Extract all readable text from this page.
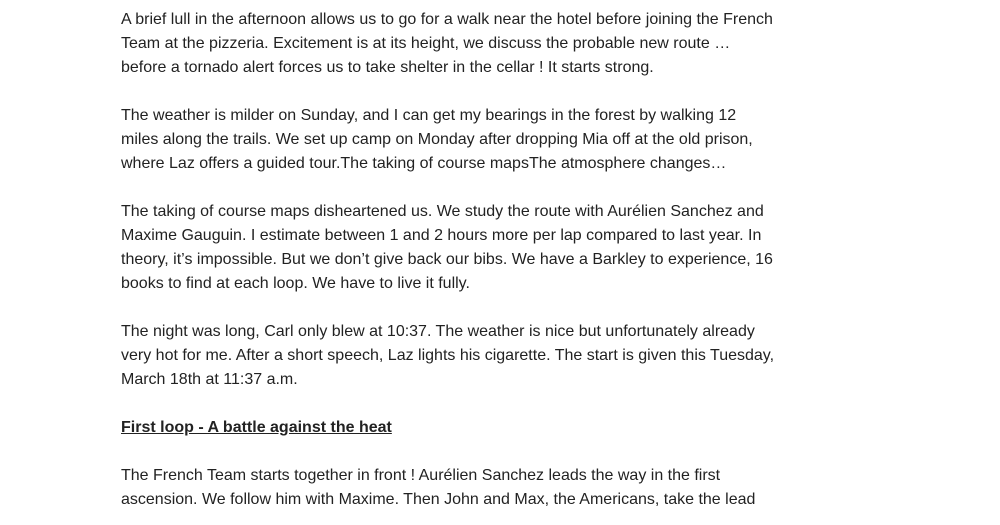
A brief lull in the afternoon allows us to go for a walk near the hotel before joining the French
Team at the pizzeria. Excitement is at its height, we discuss the probable new route …
before a tornado alert forces us to take shelter in the cellar ! It starts strong.

The weather is milder on Sunday, and I can get my bearings in the forest by walking 12
miles along the trails. We set up camp on Monday after dropping Mia off at the old prison,
where Laz offers a guided tour.The taking of course mapsThe atmosphere changes…

The taking of course maps disheartened us. We study the route with Aurélien Sanchez and
Maxime Gauguin. I estimate between 1 and 2 hours more per lap compared to last year. In
theory, it’s impossible. But we don’t give back our bibs. We have a Barkley to experience, 16
books to find at each loop. We have to live it fully.

The night was long, Carl only blew at 10:37. The weather is nice but unfortunately already
very hot for me. After a short speech, Laz lights his cigarette. The start is given this Tuesday,
March 18th at 11:37 a.m.

First loop - A battle against the heat

The French Team starts together in front ! Aurélien Sanchez leads the way in the first
ascension. We follow him with Maxime. Then John and Max, the Americans, take the lead
